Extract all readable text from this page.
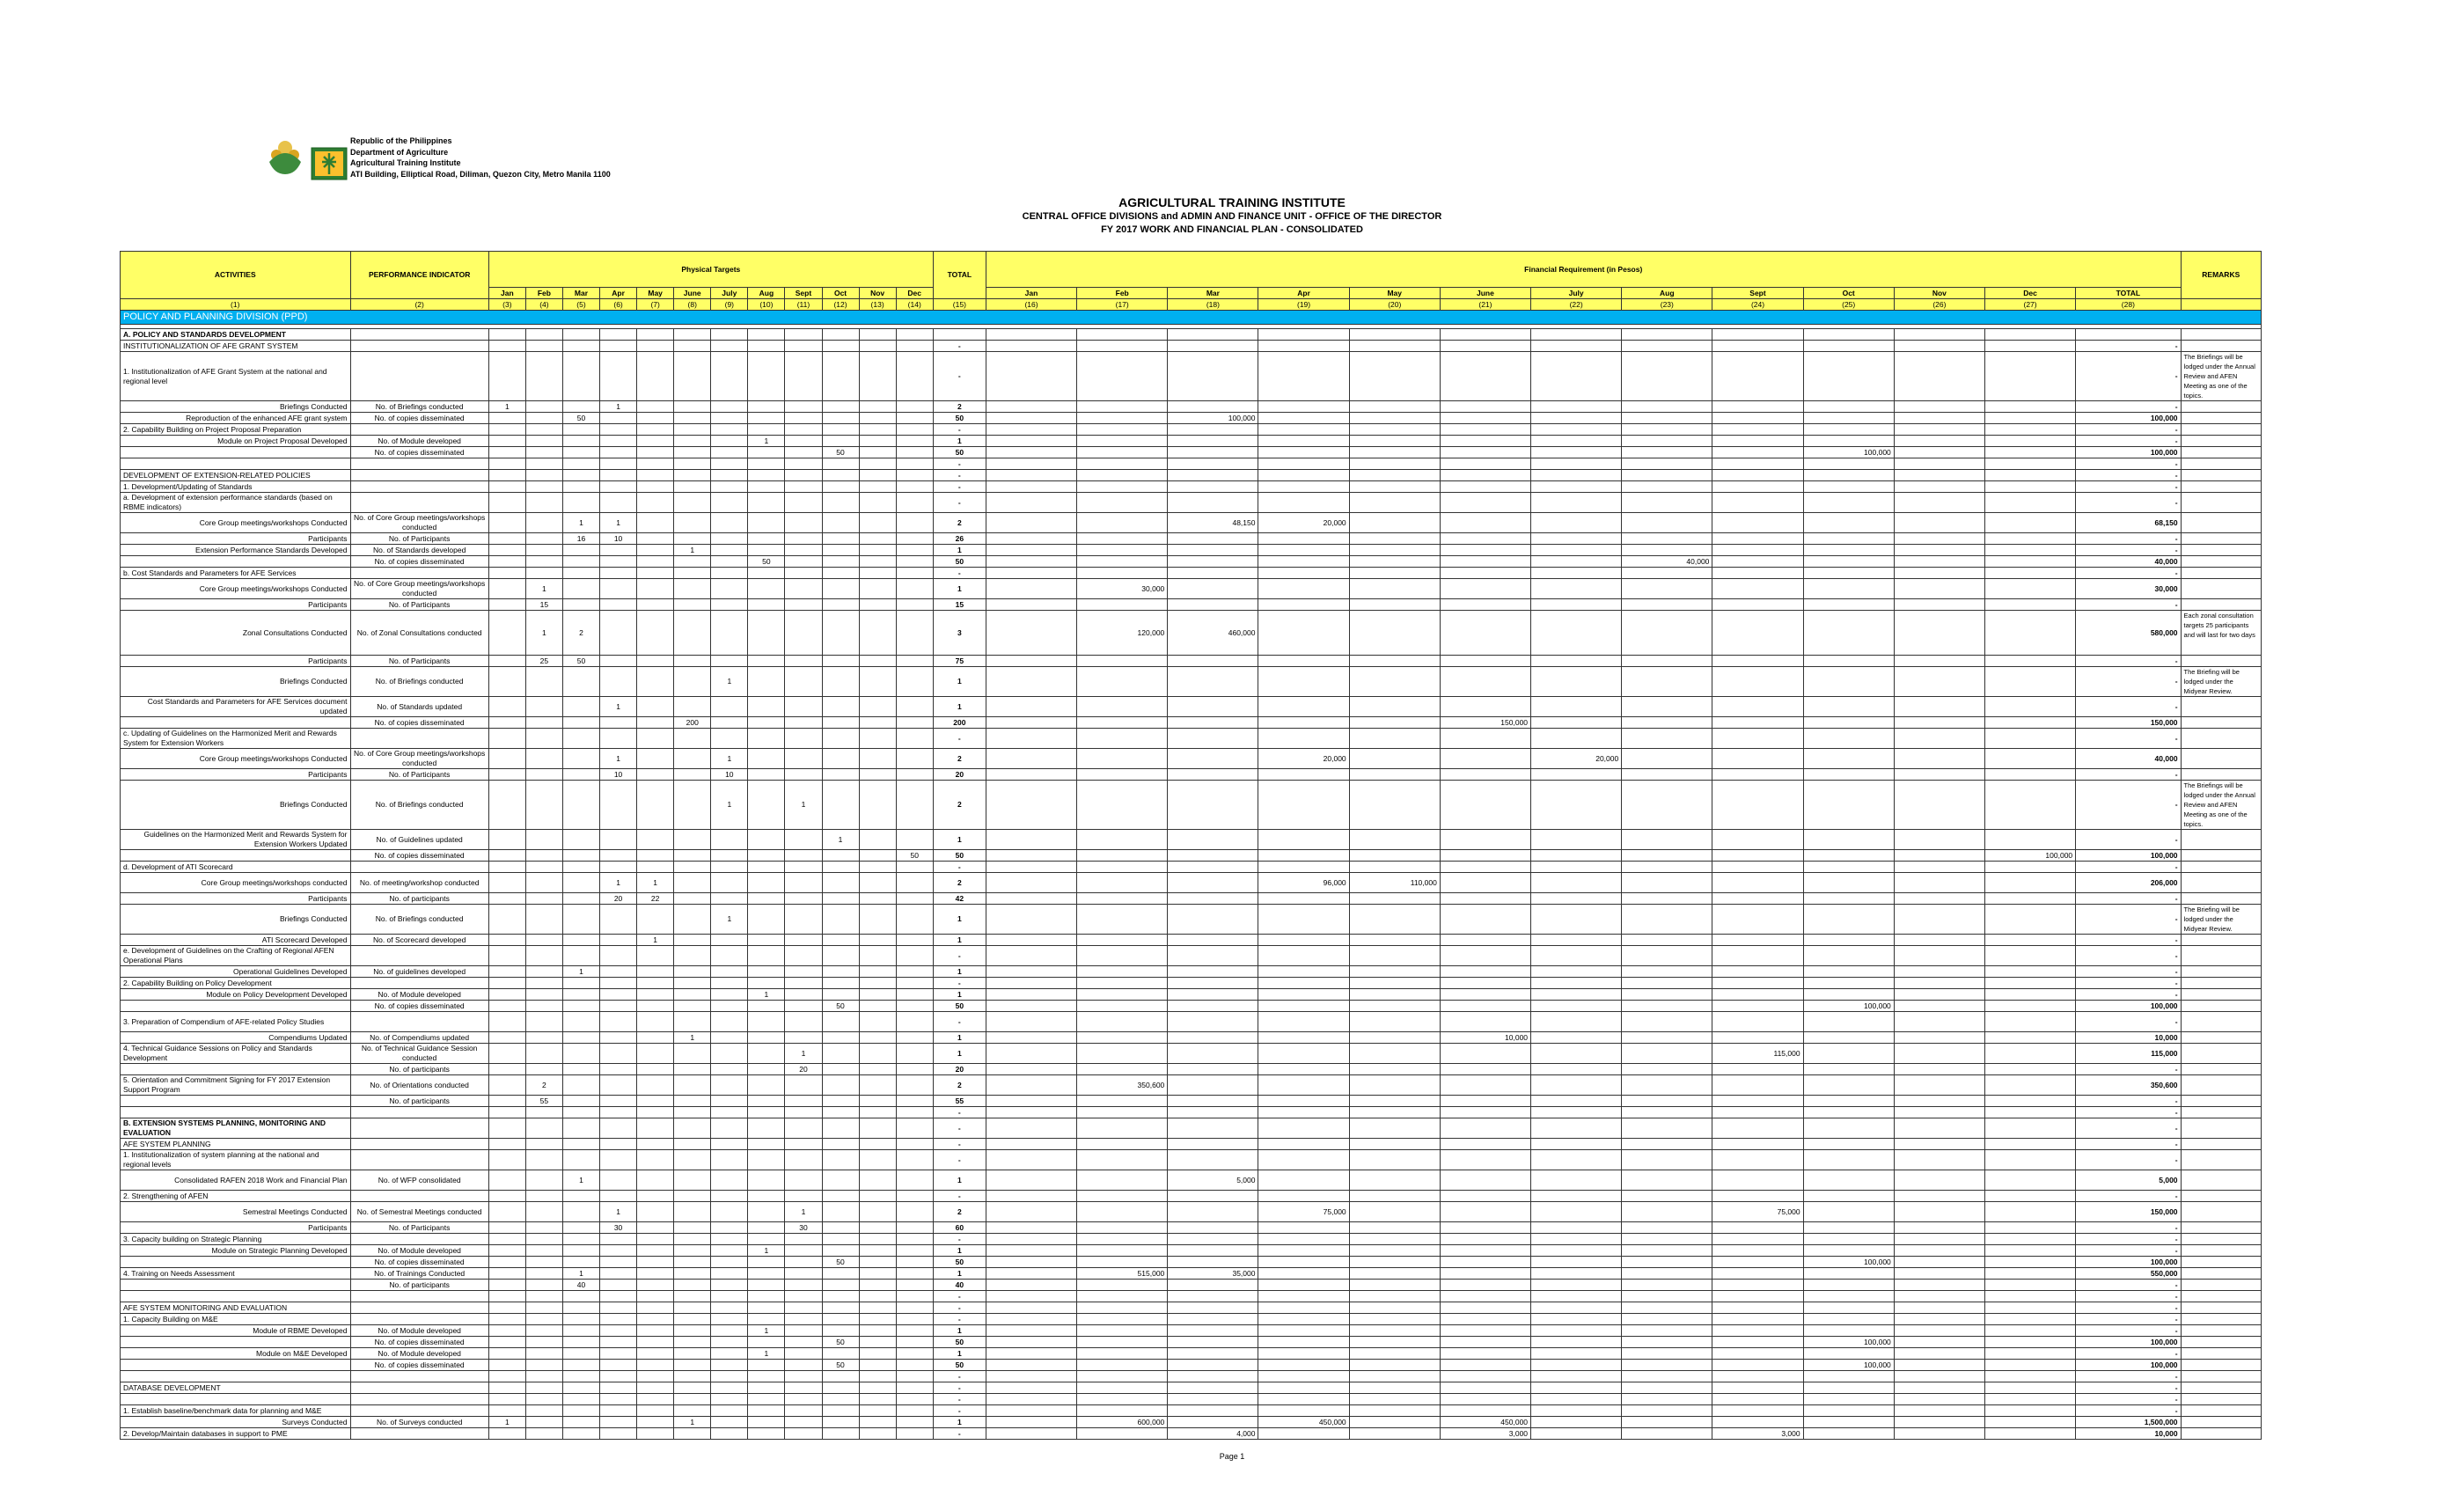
Republic of the Philippines
Department of Agriculture
Agricultural Training Institute
ATI Building, Elliptical Road, Diliman, Quezon City, Metro Manila 1100
AGRICULTURAL TRAINING INSTITUTE
CENTRAL OFFICE DIVISIONS and ADMIN AND FINANCE UNIT - OFFICE OF THE DIRECTOR
FY 2017 WORK AND FINANCIAL PLAN - CONSOLIDATED
ACTIVITIES	PERFORMANCE INDICATOR	Physical Targets												TOTAL	Financial Requirement (in Pesos)													REMARKS
		Jan	Feb	Mar	Apr	May	June	July	Aug	Sept	Oct	Nov	Dec		Jan	Feb	Mar	Apr	May	June	July	Aug	Sept	Oct	Nov	Dec	TOTAL	
(1)	(2)	(3)	(4)	(5)	(6)	(7)	(8)	(9)	(10)	(11)	(12)	(13)	(14)	(15)	(16)	(17)	(18)	(19)	(20)	(21)	(22)	(23)	(24)	(25)	(26)	(27)	(28)	
POLICY AND PLANNING DIVISION (PPD)																												

A. POLICY AND STANDARDS DEVELOPMENT																												
INSTITUTIONALIZATION OF AFE GRANT SYSTEM														-													-	
1. Institutionalization of AFE Grant System at the national and regional level														-													-	The Briefings will be lodged under the Annual Review and AFEN Meeting as one of the topics.
Briefings Conducted	No. of Briefings conducted	1			1									2													-	
Reproduction of the enhanced AFE grant system	No. of copies disseminated			50										50			100,000										100,000	
2. Capability Building on Project Proposal Preparation														-													-	
Module on Project Proposal Developed	No. of Module developed								1					1													-	
	No. of copies disseminated										50			50										100,000			100,000	
														-													-	
DEVELOPMENT OF EXTENSION-RELATED POLICIES														-													-	
1. Development/Updating of Standards														-													-	
a. Development of extension performance standards (based on RBME indicators)														-													-	
Core Group meetings/workshops Conducted	No. of Core Group meetings/workshops conducted			1	1									2			48,150	20,000									68,150	
Participants	No. of Participants			16	10									26													-	
Extension Performance Standards Developed	No. of Standards developed						1							1													-	
	No. of copies disseminated								50					50								40,000					40,000	
b. Cost Standards and Parameters for AFE Services														-													-	
Core Group meetings/workshops Conducted	No. of Core Group meetings/workshops conducted		1											1		30,000											30,000	
Participants	No. of Participants		15											15													-	
Zonal Consultations Conducted	No. of Zonal Consultations conducted		1	2										3		120,000	460,000										580,000	Each zonal consultation targets 25 participants and will last for two days
Participants	No. of Participants		25	50										75													-	
Briefings Conducted	No. of Briefings conducted							1						1													-	The Briefing will be lodged under the Midyear Review.
Cost Standards and Parameters for AFE Services document updated	No. of Standards updated				1									1													-	
	No. of copies disseminated						200							200						150,000							150,000	
c. Updating of Guidelines on the Harmonized Merit and Rewards System for Extension Workers														-													-	
Core Group meetings/workshops Conducted	No. of Core Group meetings/workshops conducted				1			1						2				20,000			20,000						40,000	
Participants	No. of Participants				10			10						20													-	
Briefings Conducted	No. of Briefings conducted							1		1				2													-	The Briefings will be lodged under the Annual Review and AFEN Meeting as one of the topics.
Guidelines on the Harmonized Merit and Rewards System for Extension Workers Updated	No. of Guidelines updated										1			1													-	
	No. of copies disseminated												50	50												100,000	100,000	
d. Development of ATI Scorecard														-													-	
Core Group meetings/workshops conducted	No. of meeting/workshop conducted				1	1								2				96,000	110,000								206,000	
Participants	No. of participants				20	22								42													-	
Briefings Conducted	No. of Briefings conducted							1						1													-	The Briefing will be lodged under the Midyear Review.
ATI Scorecard Developed	No. of Scorecard developed					1								1													-	
e. Development of Guidelines on the Crafting of Regional AFEN Operational Plans														-													-	
Operational Guidelines Developed	No. of guidelines developed			1										1													-	
2. Capability Building on Policy Development														-													-	
Module on Policy Development Developed	No. of Module developed								1					1													-	
	No. of copies disseminated										50			50										100,000			100,000	
3. Preparation of Compendium of AFE-related Policy Studies														-													-	
Compendiums Updated	No. of Compendiums updated						1							1						10,000							10,000	
4. Technical Guidance Sessions on Policy and Standards Development	No. of Technical Guidance Session conducted									1				1									115,000				115,000	
	No. of participants									20				20													-	
5. Orientation and Commitment Signing for FY 2017 Extension Support Program	No. of Orientations conducted		2											2		350,600											350,600	
	No. of participants		55											55													-	
														-													-	
B. EXTENSION SYSTEMS PLANNING, MONITORING AND EVALUATION														-													-	
AFE SYSTEM PLANNING														-													-	
1. Institutionalization of system planning at the national and regional levels														-													-	
Consolidated RAFEN 2018 Work and Financial Plan	No. of WFP consolidated			1										1			5,000										5,000	
2. Strengthening of AFEN														-													-	
Semestral Meetings Conducted	No. of Semestral Meetings conducted				1					1				2				75,000					75,000				150,000	
Participants	No. of Participants				30					30				60													-	
3. Capacity building on Strategic Planning														-													-	
Module on Strategic Planning Developed	No. of Module developed								1					1													-	
	No. of copies disseminated										50			50										100,000			100,000	
4. Training on Needs Assessment	No. of Trainings Conducted			1										1		515,000	35,000										550,000	
	No. of participants			40										40													-	
														-													-	
AFE SYSTEM MONITORING AND EVALUATION														-													-	
1. Capacity Building on M&E														-													-	
Module of RBME Developed	No. of Module developed								1					1													-	
	No. of copies disseminated										50			50										100,000			100,000	
Module on M&E Developed	No. of Module developed								1					1													-	
	No. of copies disseminated										50			50										100,000			100,000	
														-													-	
DATABASE DEVELOPMENT														-													-	
														-													-	
1. Establish baseline/benchmark data for planning and M&E														-													-	
Surveys Conducted	No. of Surveys conducted	1					1							1		600,000		450,000		450,000							1,500,000	
2. Develop/Maintain databases in support to PME														-			4,000			3,000			3,000				10,000	
Page 1
